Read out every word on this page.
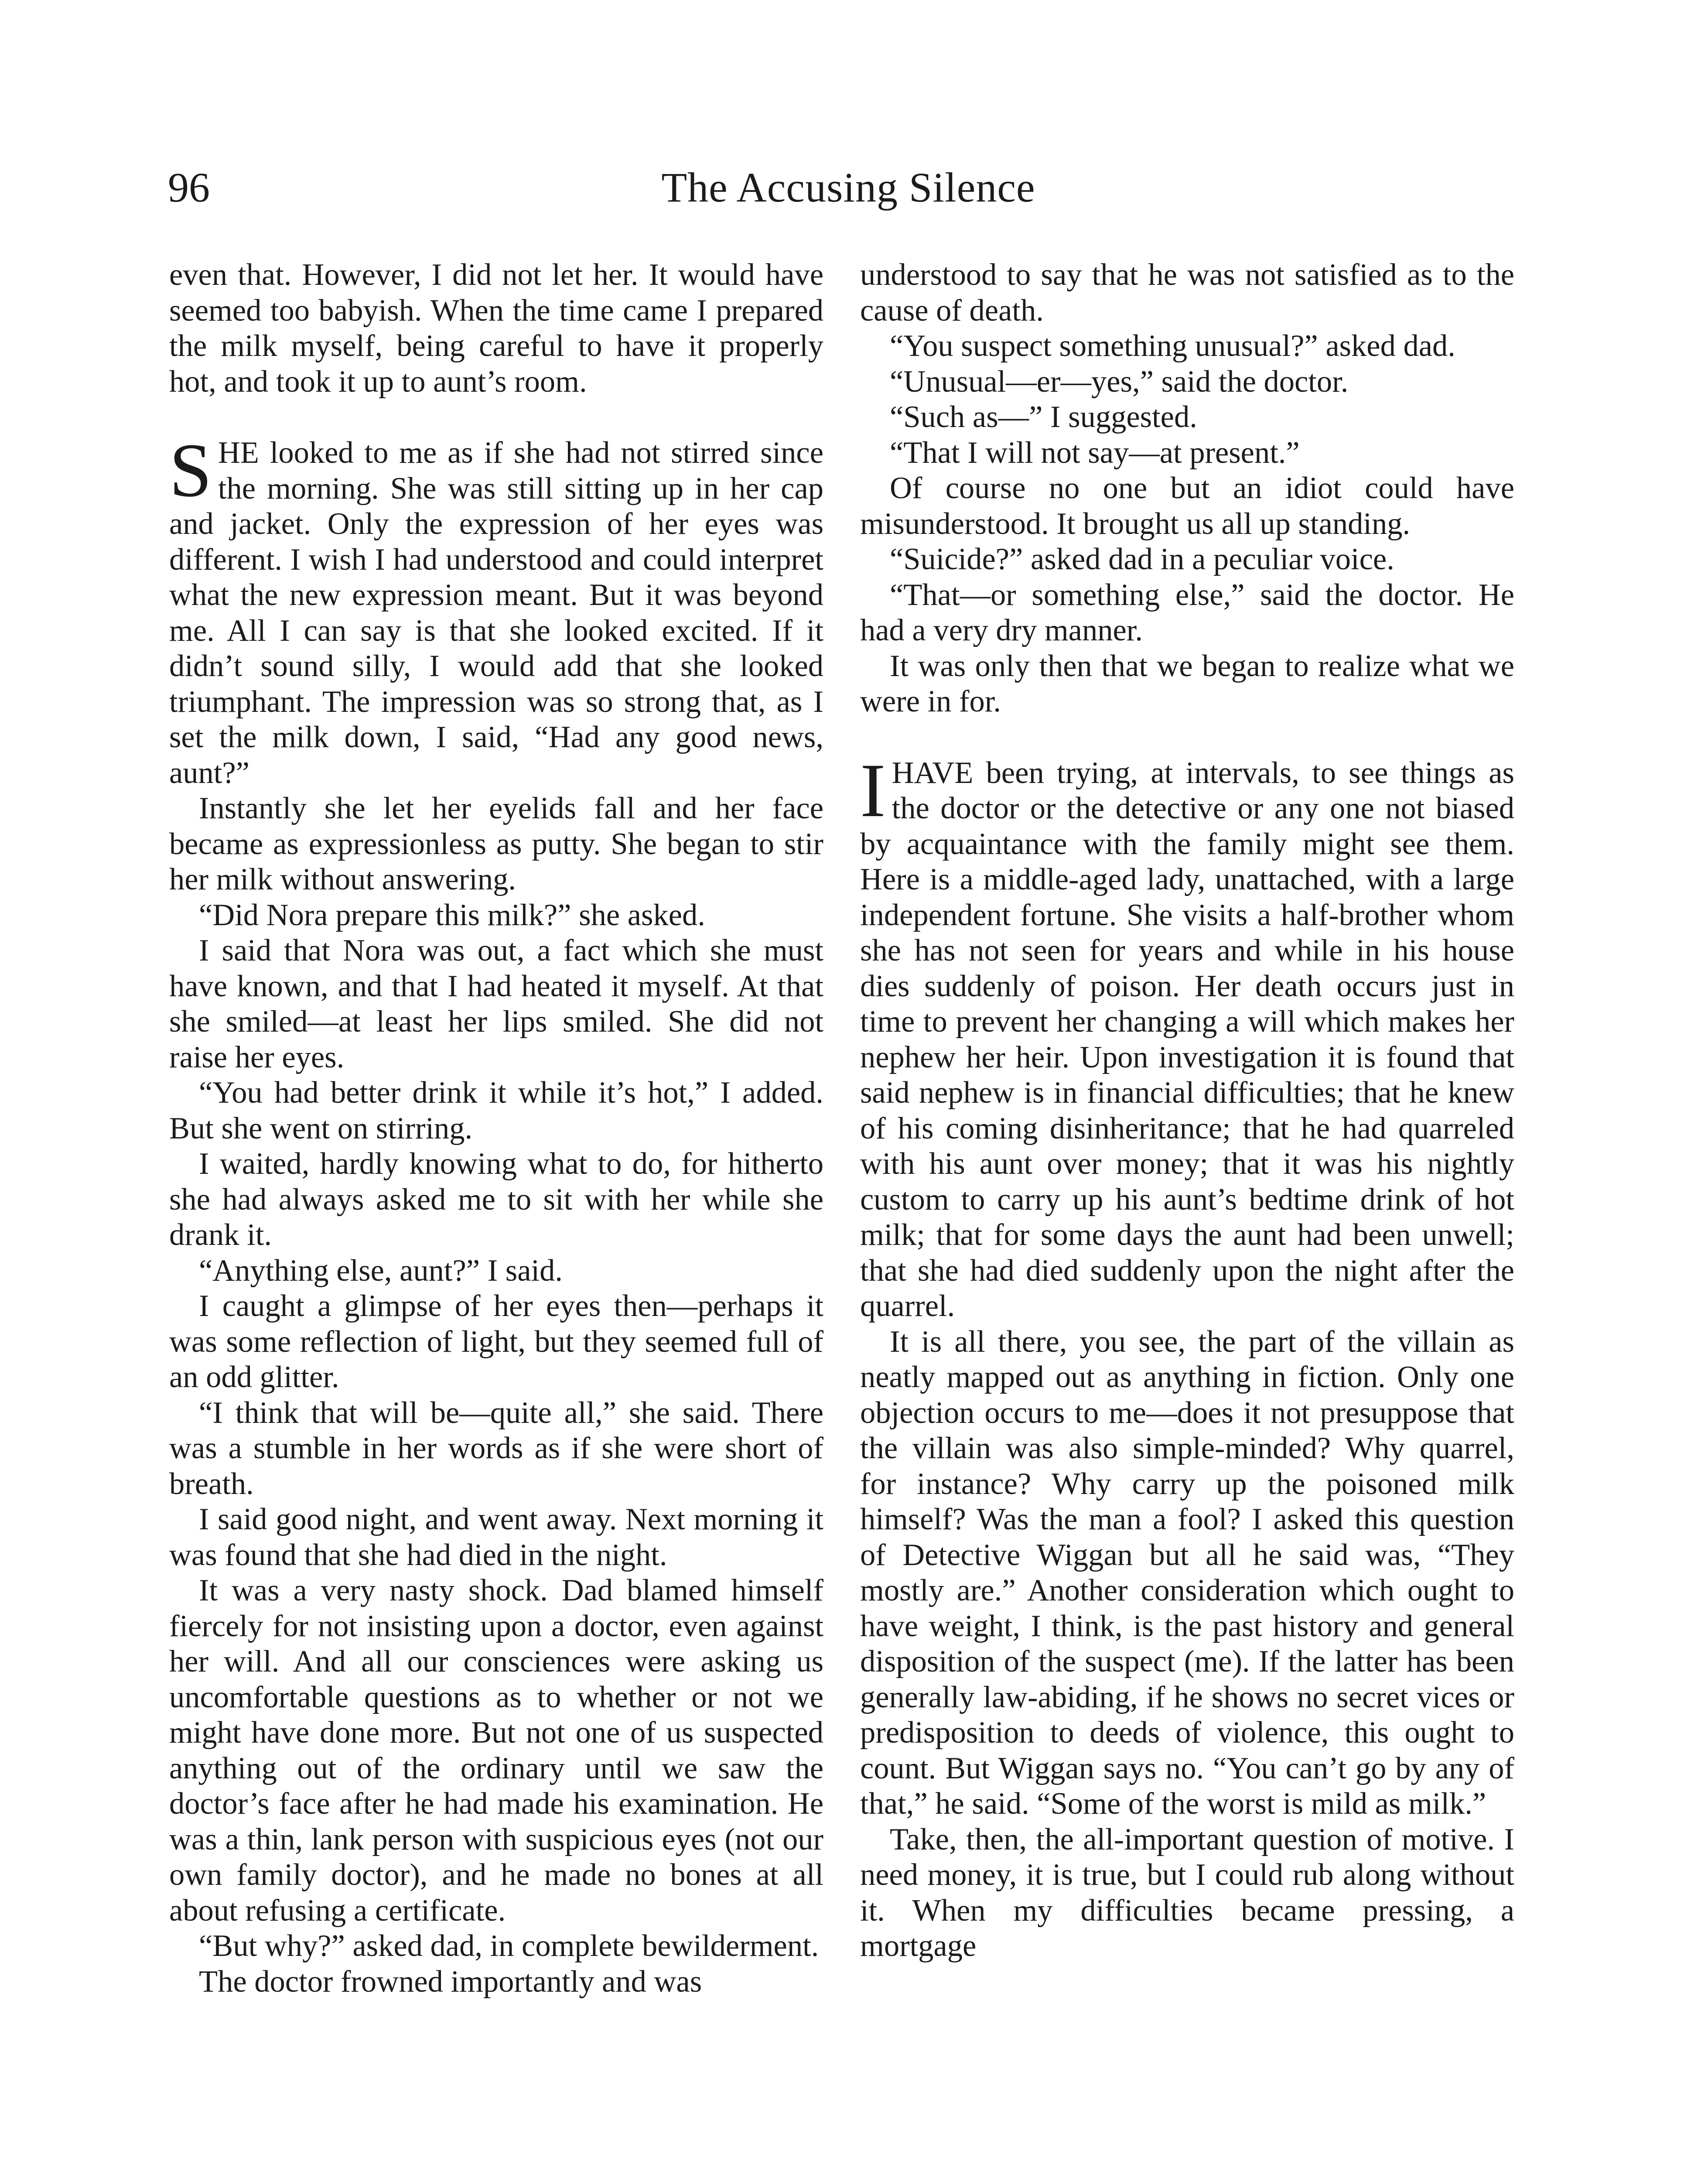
96	The Accusing Silence

even that. However, I did not let her. It would have seemed too babyish. When the time came I prepared the milk myself, being careful to have it properly hot, and took it up to aunt’s room.

SHE looked to me as if she had not stirred since the morning. She was still sitting up in her cap and jacket. Only the expression of her eyes was different. I wish I had understood and could interpret what the new expression meant. But it was beyond me. All I can say is that she looked excited. If it didn’t sound silly, I would add that she looked triumphant. The impression was so strong that, as I set the milk down, I said, “Had any good news, aunt?”

Instantly she let her eyelids fall and her face became as expressionless as putty. She began to stir her milk without answering.

“Did Nora prepare this milk?” she asked.

I said that Nora was out, a fact which she must have known, and that I had heated it myself. At that she smiled—at least her lips smiled. She did not raise her eyes.

“You had better drink it while it’s hot,” I added. But she went on stirring.

I waited, hardly knowing what to do, for hitherto she had always asked me to sit with her while she drank it.

“Anything else, aunt?” I said.

I caught a glimpse of her eyes then—perhaps it was some reflection of light, but they seemed full of an odd glitter.

“I think that will be—quite all,” she said. There was a stumble in her words as if she were short of breath.

I said good night, and went away. Next morning it was found that she had died in the night.

It was a very nasty shock. Dad blamed himself fiercely for not insisting upon a doctor, even against her will. And all our consciences were asking us uncomfortable questions as to whether or not we might have done more. But not one of us suspected anything out of the ordinary until we saw the doctor’s face after he had made his examination. He was a thin, lank person with suspicious eyes (not our own family doctor), and he made no bones at all about refusing a certificate.

“But why?” asked dad, in complete bewilderment.

The doctor frowned importantly and was

understood to say that he was not satisfied as to the cause of death.

“You suspect something unusual?” asked dad.

“Unusual—er—yes,” said the doctor.

“Such as—” I suggested.

“That I will not say—at present.”

Of course no one but an idiot could have misunderstood. It brought us all up standing.

“Suicide?” asked dad in a peculiar voice.

“That—or something else,” said the doctor. He had a very dry manner.

It was only then that we began to realize what we were in for.

IHAVE been trying, at intervals, to see things as the doctor or the detective or any one not biased by acquaintance with the family might see them. Here is a middle-aged lady, unattached, with a large independent fortune. She visits a half-brother whom she has not seen for years and while in his house dies suddenly of poison. Her death occurs just in time to prevent her changing a will which makes her nephew her heir. Upon investigation it is found that said nephew is in financial difficulties; that he knew of his coming disinheritance; that he had quarreled with his aunt over money; that it was his nightly custom to carry up his aunt’s bedtime drink of hot milk; that for some days the aunt had been unwell; that she had died suddenly upon the night after the quarrel.

It is all there, you see, the part of the villain as neatly mapped out as anything in fiction. Only one objection occurs to me—does it not presuppose that the villain was also simple-minded? Why quarrel, for instance? Why carry up the poisoned milk himself? Was the man a fool? I asked this question of Detective Wiggan but all he said was, “They mostly are.” Another consideration which ought to have weight, I think, is the past history and general disposition of the suspect (me). If the latter has been generally law-abiding, if he shows no secret vices or predisposition to deeds of violence, this ought to count. But Wiggan says no. “You can’t go by any of that,” he said. “Some of the worst is mild as milk.”

Take, then, the all-important question of motive. I need money, it is true, but I could rub along without it. When my difficulties became pressing, a mortgage
